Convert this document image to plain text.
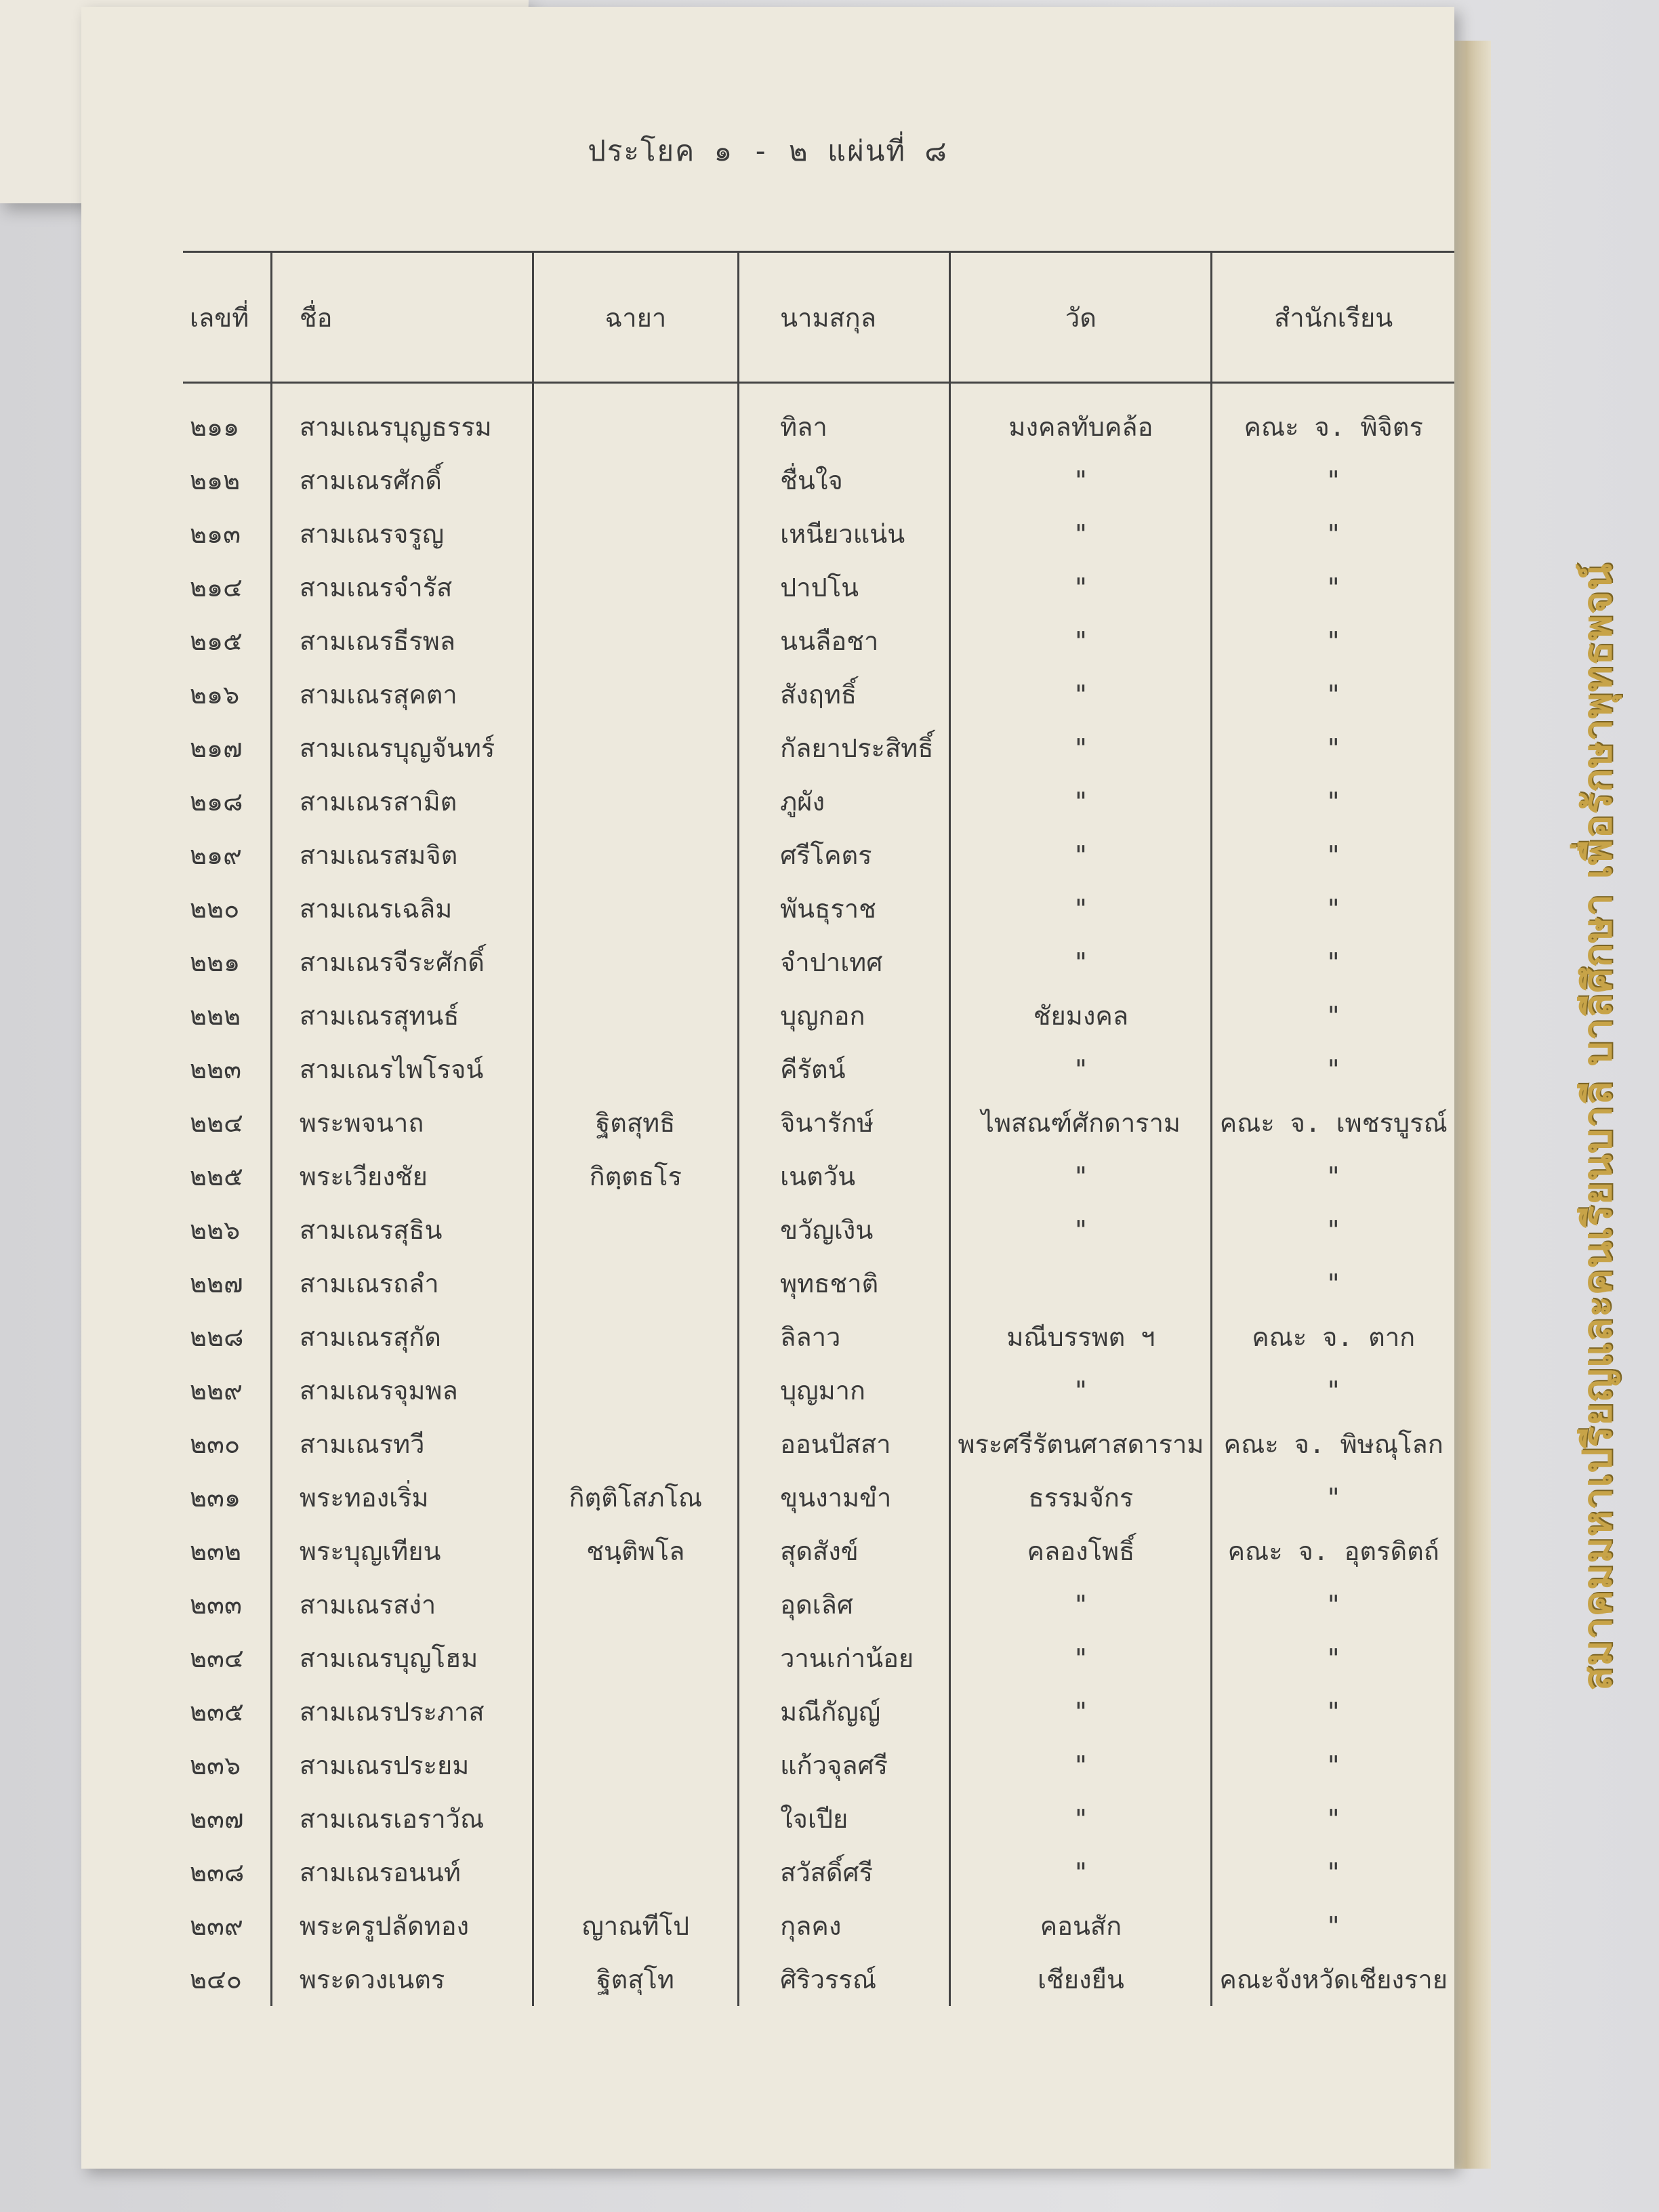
ประโยค ๑ - ๒ แผ่นที่ ๘
เลขที่	ชื่อ	ฉายา	นามสกุล	วัด	สำนักเรียน
๒๑๑	สามเณรบุญธรรม		ทิลา	มงคลทับคล้อ	คณะ จ. พิจิตร
๒๑๒	สามเณรศักดิ์		ชื่นใจ	"	"
๒๑๓	สามเณรจรูญ		เหนียวแน่น	"	"
๒๑๔	สามเณรจำรัส		ปาปโน	"	"
๒๑๕	สามเณรธีรพล		นนลือชา	"	"
๒๑๖	สามเณรสุคตา		สังฤทธิ์	"	"
๒๑๗	สามเณรบุญจันทร์		กัลยาประสิทธิ์	"	"
๒๑๘	สามเณรสามิต		ภูผัง	"	"
๒๑๙	สามเณรสมจิต		ศรีโคตร	"	"
๒๒๐	สามเณรเฉลิม		พันธุราช	"	"
๒๒๑	สามเณรจีระศักดิ์		จำปาเทศ	"	"
๒๒๒	สามเณรสุทนธ์		บุญกอก	ชัยมงคล	"
๒๒๓	สามเณรไพโรจน์		คีรัตน์	"	"
๒๒๔	พระพจนาถ	ฐิตสุทธิ	จินารักษ์	ไพสณฑ์ศักดาราม	คณะ จ. เพชรบูรณ์
๒๒๕	พระเวียงชัย	กิตฺตธโร	เนตวัน	"	"
๒๒๖	สามเณรสุธิน		ขวัญเงิน	"	"
๒๒๗	สามเณรถลำ		พุทธชาติ		"
๒๒๘	สามเณรสุกัด		ลิลาว	มณีบรรพต ฯ	คณะ จ. ตาก
๒๒๙	สามเณรจุมพล		บุญมาก	"	"
๒๓๐	สามเณรทวี		ออนปัสสา	พระศรีรัตนศาสดาราม	คณะ จ. พิษณุโลก
๒๓๑	พระทองเริ่ม	กิตฺติโสภโณ	ขุนงามขำ	ธรรมจักร	"
๒๓๒	พระบุญเทียน	ชนฺติพโล	สุดสังข์	คลองโพธิ์	คณะ จ. อุตรดิตถ์
๒๓๓	สามเณรสง่า		อุดเลิศ	"	"
๒๓๔	สามเณรบุญโฮม		วานเก่าน้อย	"	"
๒๓๕	สามเณรประภาส		มณีกัญญ์	"	"
๒๓๖	สามเณรประยม		แก้วจุลศรี	"	"
๒๓๗	สามเณรเอราวัณ		ใจเปีย	"	"
๒๓๘	สามเณรอนนท์		สวัสดิ์ศรี	"	"
๒๓๙	พระครูปลัดทอง	ญาณทีโป	กุลคง	คอนสัก	"
๒๔๐	พระดวงเนตร	ฐิตสุโท	ศิริวรรณ์	เชียงยืน	คณะจังหวัดเชียงราย
สมาคมมหาเปรียญและคนเรียนบาลี บาลีศึกษา เพื่อรักษาพุทธพจน์
